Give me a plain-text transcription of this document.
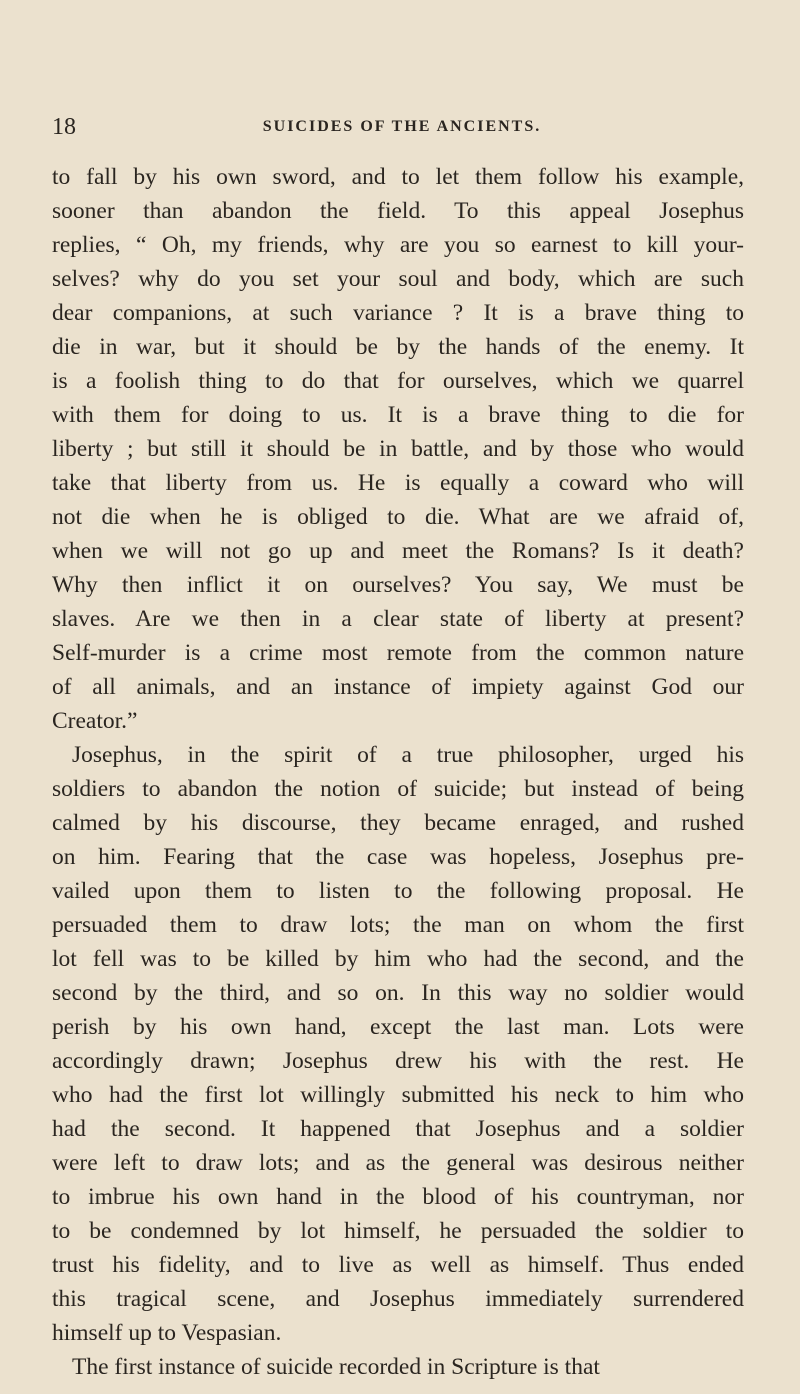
18	SUICIDES OF THE ANCIENTS.
to fall by his own sword, and to let them follow his example,
sooner than abandon the field. To this appeal Josephus
replies, “ Oh, my friends, why are you so earnest to kill your-
selves? why do you set your soul and body, which are such
dear companions, at such variance ? It is a brave thing to
die in war, but it should be by the hands of the enemy. It
is a foolish thing to do that for ourselves, which we quarrel
with them for doing to us. It is a brave thing to die for
liberty ; but still it should be in battle, and by those who would
take that liberty from us. He is equally a coward who will
not die when he is obliged to die. What are we afraid of,
when we will not go up and meet the Romans? Is it death?
Why then inflict it on ourselves? You say, We must be
slaves. Are we then in a clear state of liberty at present?
Self-murder is a crime most remote from the common nature
of all animals, and an instance of impiety against God our
Creator.”
Josephus, in the spirit of a true philosopher, urged his
soldiers to abandon the notion of suicide; but instead of being
calmed by his discourse, they became enraged, and rushed
on him. Fearing that the case was hopeless, Josephus pre-
vailed upon them to listen to the following proposal. He
persuaded them to draw lots; the man on whom the first
lot fell was to be killed by him who had the second, and the
second by the third, and so on. In this way no soldier would
perish by his own hand, except the last man. Lots were
accordingly drawn; Josephus drew his with the rest. He
who had the first lot willingly submitted his neck to him who
had the second. It happened that Josephus and a soldier
were left to draw lots; and as the general was desirous neither
to imbrue his own hand in the blood of his countryman, nor
to be condemned by lot himself, he persuaded the soldier to
trust his fidelity, and to live as well as himself. Thus ended
this tragical scene, and Josephus immediately surrendered
himself up to Vespasian.
The first instance of suicide recorded in Scripture is that
